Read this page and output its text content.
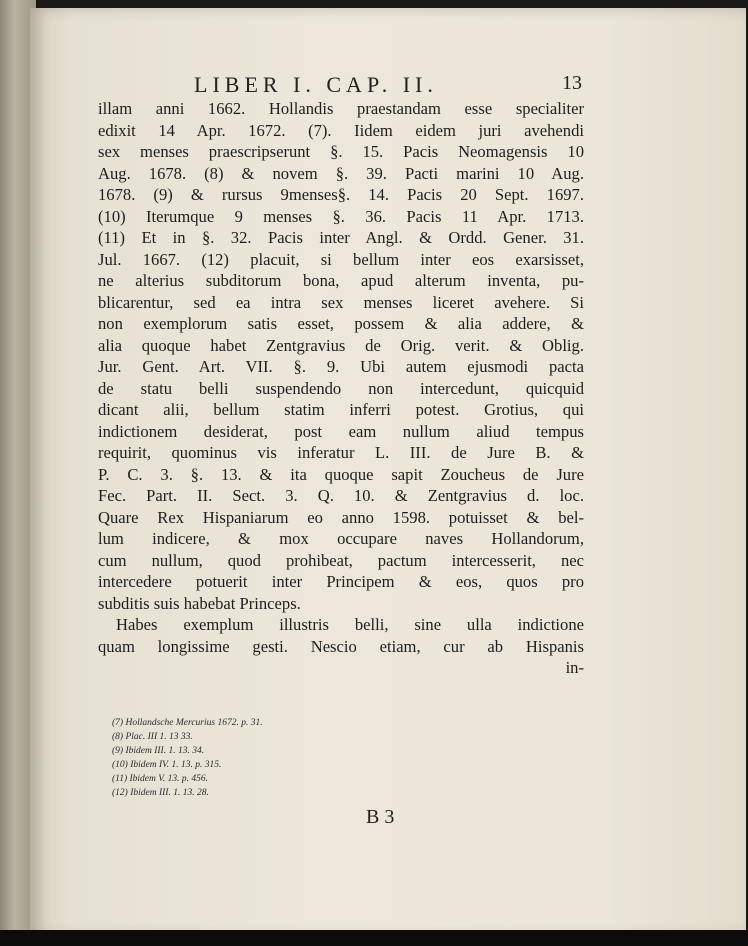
LIBER I. CAP. II.	13
illam anni 1662. Hollandis praestandam esse specialiter
edixit 14 Apr. 1672. (7). Iidem eidem juri avehendi
sex menses praescripserunt §. 15. Pacis Neomagensis 10
Aug. 1678. (8) & novem §. 39. Pacti marini 10 Aug.
1678. (9) & rursus 9menses§. 14. Pacis 20 Sept. 1697.
(10) Iterumque 9 menses §. 36. Pacis 11 Apr. 1713.
(11) Et in §. 32. Pacis inter Angl. & Ordd. Gener. 31.
Jul. 1667. (12) placuit, si bellum inter eos exarsisset,
ne alterius subditorum bona, apud alterum inventa, pu-
blicarentur, sed ea intra sex menses liceret avehere. Si
non exemplorum satis esset, possem & alia addere, &
alia quoque habet Zentgravius de Orig. verit. & Oblig.
Jur. Gent. Art. VII. §. 9. Ubi autem ejusmodi pacta
de statu belli suspendendo non intercedunt, quicquid
dicant alii, bellum statim inferri potest. Grotius, qui
indictionem desiderat, post eam nullum aliud tempus
requirit, quominus vis inferatur L. III. de Jure B. &
P. C. 3. §. 13. & ita quoque sapit Zoucheus de Jure
Fec. Part. II. Sect. 3. Q. 10. & Zentgravius d. loc.
Quare Rex Hispaniarum eo anno 1598. potuisset & bel-
lum indicere, & mox occupare naves Hollandorum,
cum nullum, quod prohibeat, pactum intercesserit, nec
intercedere potuerit inter Principem & eos, quos pro
subditis suis habebat Princeps.
Habes exemplum illustris belli, sine ulla indictione
quam longissime gesti. Nescio etiam, cur ab Hispanis
in-
(7) Hollandsche Mercurius 1672. p. 31.
(8) Plac. III 1. 13 33.
(9) Ibidem III. 1. 13. 34.
(10) Ibidem IV. 1. 13. p. 315.
(11) Ibidem V. 13. p. 456.
(12) Ibidem III. 1. 13. 28.
B 3
